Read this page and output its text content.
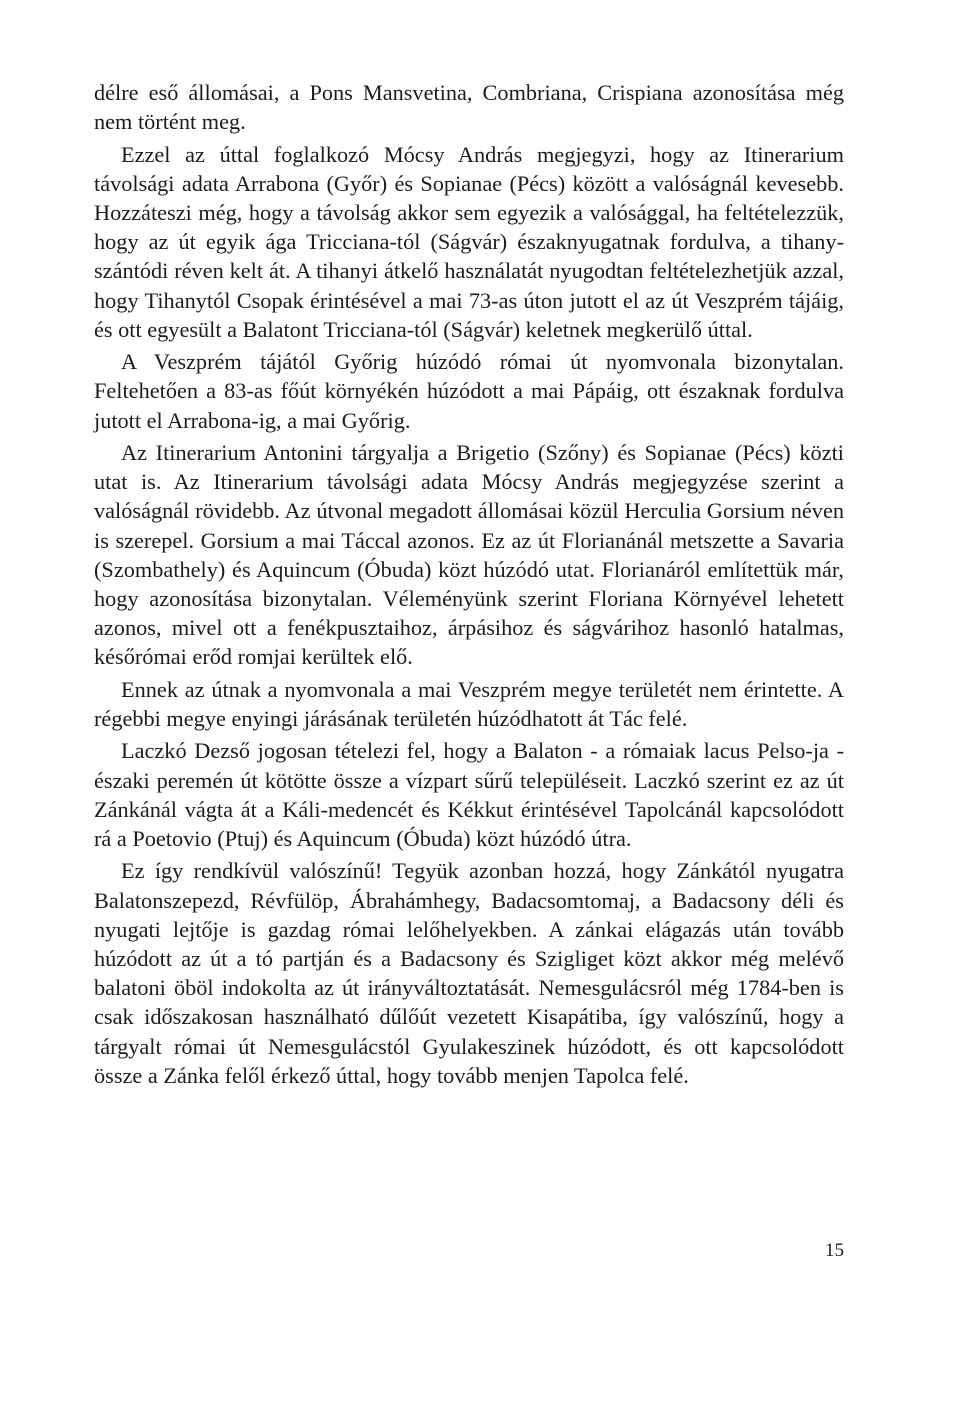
délre eső állomásai, a Pons Mansvetina, Combriana, Crispiana azonosítása még nem történt meg.

Ezzel az úttal foglalkozó Mócsy András megjegyzi, hogy az Itinerarium távolsági adata Arrabona (Győr) és Sopianae (Pécs) között a valóságnál kevesebb. Hozzáteszi még, hogy a távolság akkor sem egyezik a valósággal, ha feltételezzük, hogy az út egyik ága Tricciana-tól (Ságvár) északnyugatnak fordulva, a tihany-szántódi réven kelt át. A tihanyi átkelő használatát nyugodtan feltételezhetjük azzal, hogy Tihanytól Csopak érintésével a mai 73-as úton jutott el az út Veszprém tájáig, és ott egyesült a Balatont Tricciana-tól (Ságvár) keletnek megkerülő úttal.

A Veszprém tájától Győrig húzódó római út nyomvonala bizonytalan. Feltehetően a 83-as főút környékén húzódott a mai Pápáig, ott északnak fordulva jutott el Arrabona-ig, a mai Győrig.

Az Itinerarium Antonini tárgyalja a Brigetio (Szőny) és Sopianae (Pécs) közti utat is. Az Itinerarium távolsági adata Mócsy András megjegyzése szerint a valóságnál rövidebb. Az útvonal megadott állomásai közül Herculia Gorsium néven is szerepel. Gorsium a mai Táccal azonos. Ez az út Florianánál metszette a Savaria (Szombathely) és Aquincum (Óbuda) közt húzódó utat. Florianáról említettük már, hogy azonosítása bizonytalan. Véleményünk szerint Floriana Környével lehetett azonos, mivel ott a fenékpusztaihoz, árpásihoz és ságvárihoz hasonló hatalmas, későrómai erőd romjai kerültek elő.

Ennek az útnak a nyomvonala a mai Veszprém megye területét nem érintette. A régebbi megye enyingi járásának területén húzódhatott át Tác felé.

Laczkó Dezső jogosan tételezi fel, hogy a Balaton - a rómaiak lacus Pelso-ja - északi peremén út kötötte össze a vízpart sűrű településeit. Laczkó szerint ez az út Zánkánál vágta át a Káli-medencét és Kékkut érintésével Tapolcánál kapcsolódott rá a Poetovio (Ptuj) és Aquincum (Óbuda) közt húzódó útra.

Ez így rendkívül valószínű! Tegyük azonban hozzá, hogy Zánkától nyugatra Balatonszepezd, Révfülöp, Ábrahámhegy, Badacsomtomaj, a Badacsony déli és nyugati lejtője is gazdag római lelőhelyekben. A zánkai elágazás után tovább húzódott az út a tó partján és a Badacsony és Szigliget közt akkor még melévő balatoni öböl indokolta az út irányváltoztatását. Nemesgulácsról még 1784-ben is csak időszakosan használható dűlőút vezetett Kisapátiba, így valószínű, hogy a tárgyalt római út Nemesgulácstól Gyulakeszinek húzódott, és ott kapcsolódott össze a Zánka felől érkező úttal, hogy tovább menjen Tapolca felé.

15
